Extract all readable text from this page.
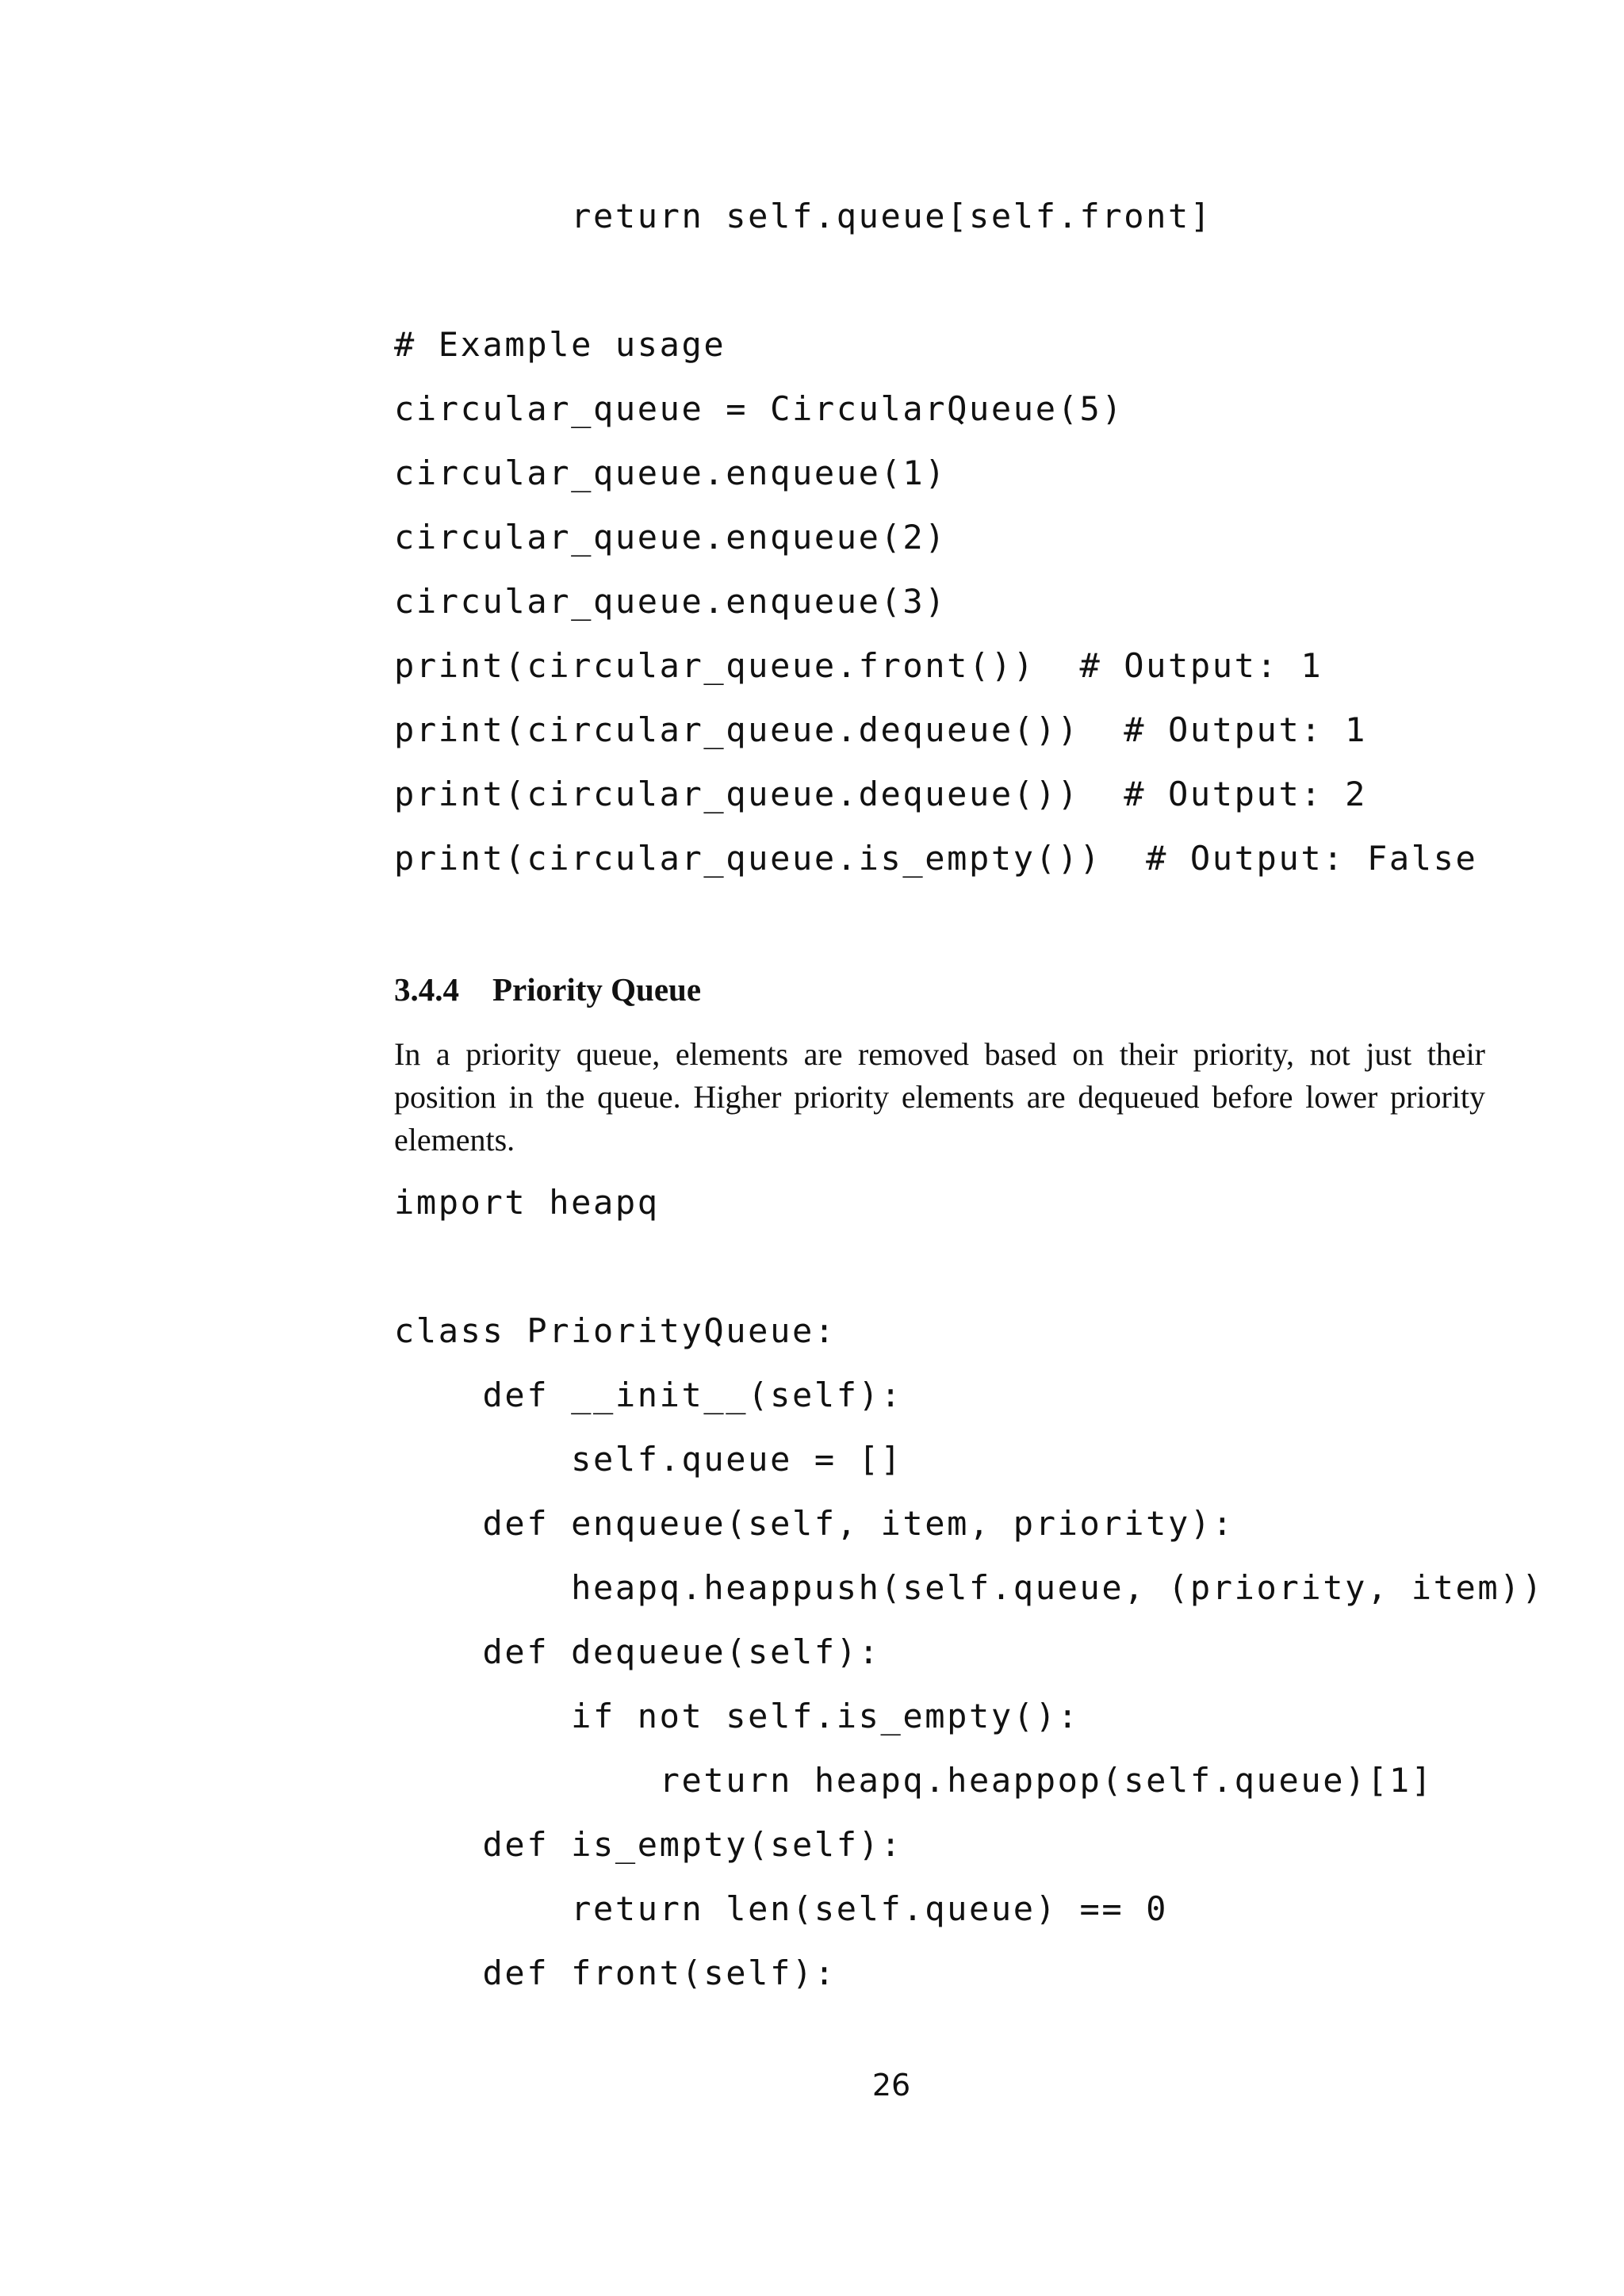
return self.queue[self.front]
# Example usage
circular_queue = CircularQueue(5)
circular_queue.enqueue(1)
circular_queue.enqueue(2)
circular_queue.enqueue(3)
print(circular_queue.front())  # Output: 1
print(circular_queue.dequeue())  # Output: 1
print(circular_queue.dequeue())  # Output: 2
print(circular_queue.is_empty())  # Output: False
3.4.4 Priority Queue

In a priority queue, elements are removed based on their priority, not just their position in the queue. Higher priority elements are dequeued before lower priority elements.

import heapq
class PriorityQueue:
def __init__(self):
self.queue = []
def enqueue(self, item, priority):
heapq.heappush(self.queue, (priority, item))
def dequeue(self):
if not self.is_empty():
return heapq.heappop(self.queue)[1]
def is_empty(self):
return len(self.queue) == 0
def front(self):
26
